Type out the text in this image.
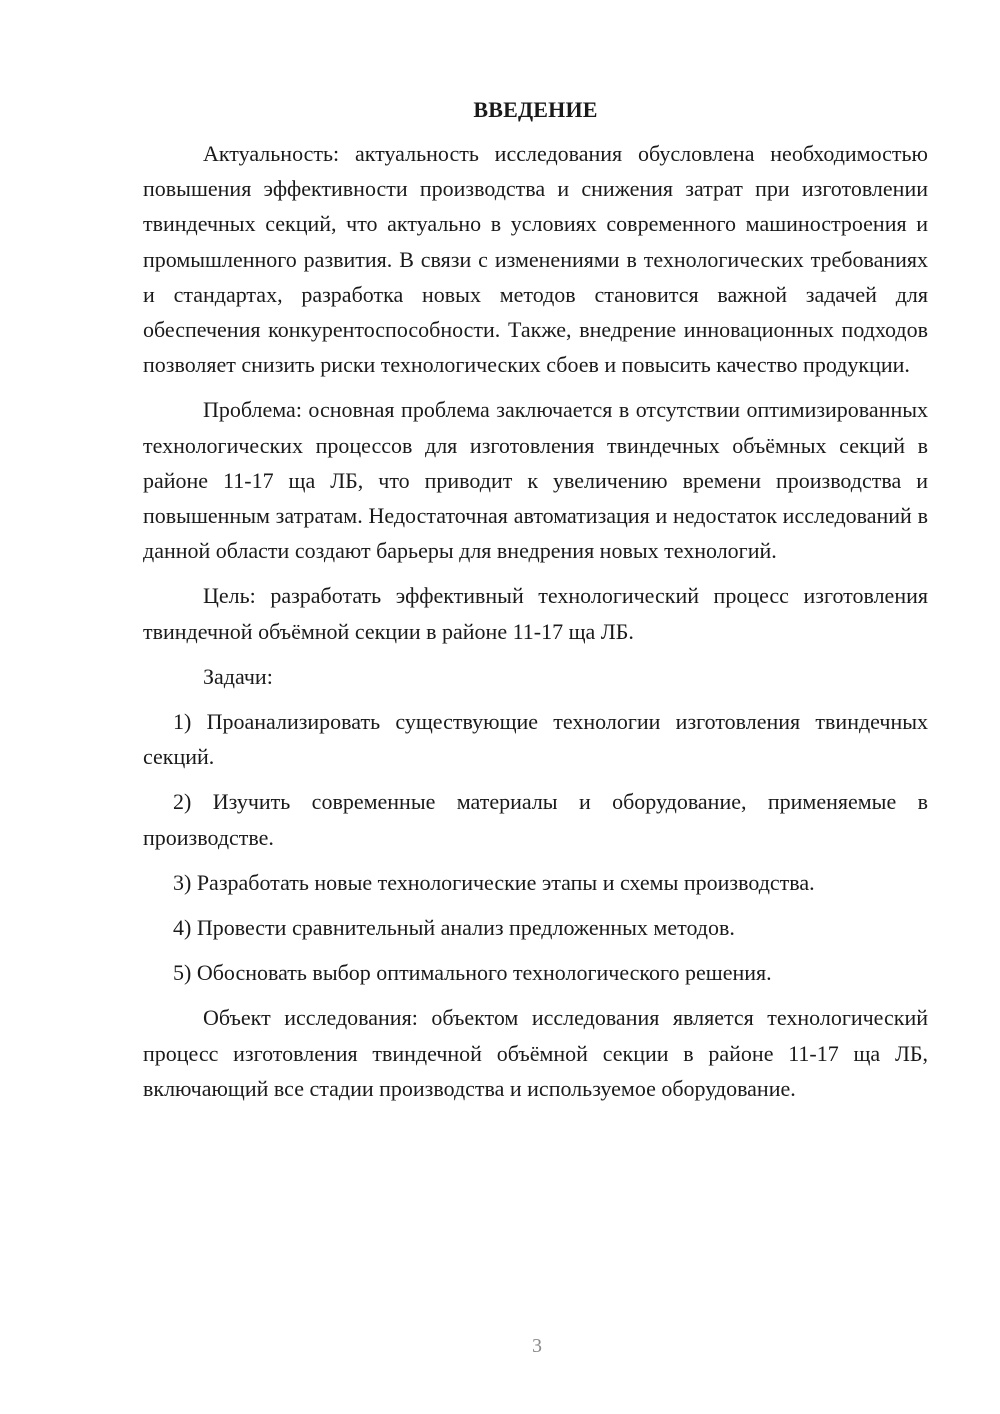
ВВЕДЕНИЕ

Актуальность: актуальность исследования обусловлена необходимостью повышения эффективности производства и снижения затрат при изготовлении твиндечных секций, что актуально в условиях современного машиностроения и промышленного развития. В связи с изменениями в технологических требованиях и стандартах, разработка новых методов становится важной задачей для обеспечения конкурентоспособности. Также, внедрение инновационных подходов позволяет снизить риски технологических сбоев и повысить качество продукции.

Проблема: основная проблема заключается в отсутствии оптимизированных технологических процессов для изготовления твиндечных объёмных секций в районе 11-17 ща ЛБ, что приводит к увеличению времени производства и повышенным затратам. Недостаточная автоматизация и недостаток исследований в данной области создают барьеры для внедрения новых технологий.

Цель: разработать эффективный технологический процесс изготовления твиндечной объёмной секции в районе 11-17 ща ЛБ.

Задачи:

1) Проанализировать существующие технологии изготовления твиндечных секций.

2) Изучить современные материалы и оборудование, применяемые в производстве.

3) Разработать новые технологические этапы и схемы производства.

4) Провести сравнительный анализ предложенных методов.

5) Обосновать выбор оптимального технологического решения.

Объект исследования: объектом исследования является технологический процесс изготовления твиндечной объёмной секции в районе 11-17 ща ЛБ, включающий все стадии производства и используемое оборудование.

3
